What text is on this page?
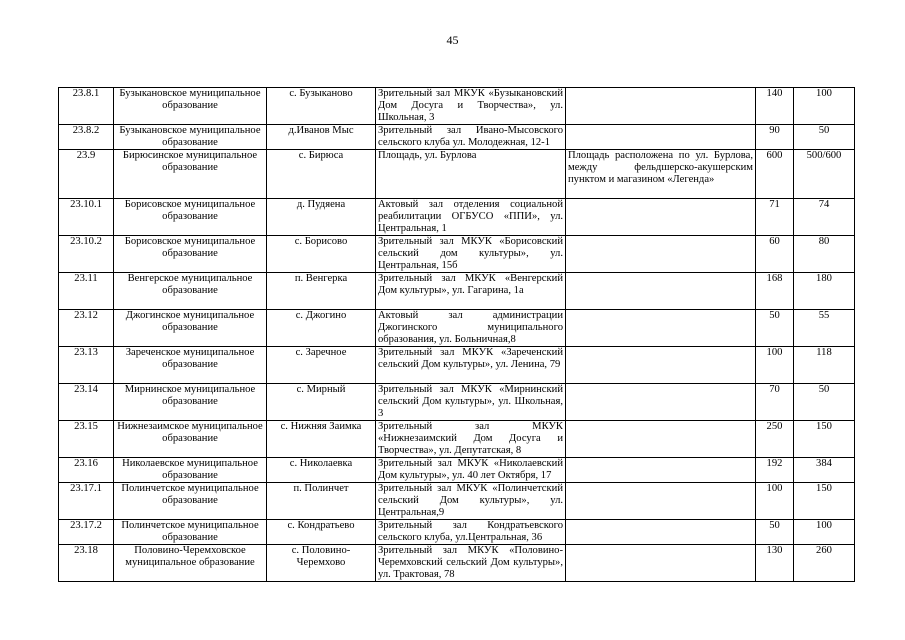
45
23.8.1	Бузыкановское муниципальное образование	с. Бузыканово	Зрительный зал МКУК «Бузыкановский Дом Досуга и Творчества», ул. Школьная, 3		140	100
23.8.2	Бузыкановское муниципальное образование	д.Иванов Мыс	Зрительный зал Ивано-Мысовского сельского клуба ул. Молодежная, 12-1		90	50
23.9	Бирюсинское муниципальное образование	с. Бирюса	Площадь, ул. Бурлова	Площадь расположена по ул. Бурлова, между фельдшерско-акушерским пунктом и магазином «Легенда»	600	500/600
23.10.1	Борисовское муниципальное образование	д. Пудяена	Актовый зал отделения социальной реабилитации ОГБУСО «ППИ», ул. Центральная, 1		71	74
23.10.2	Борисовское муниципальное образование	с. Борисово	Зрительный зал МКУК «Борисовский сельский дом культуры», ул. Центральная, 15б		60	80
23.11	Венгерское муниципальное образование	п. Венгерка	Зрительный зал МКУК «Венгерский Дом культуры», ул. Гагарина, 1а		168	180
23.12	Джогинское муниципальное образование	с. Джогино	Актовый зал администрации Джогинского муниципального образования, ул. Больничная,8		50	55
23.13	Зареченское муниципальное образование	с. Заречное	Зрительный зал МКУК «Зареченский сельский Дом культуры», ул. Ленина, 79		100	118
23.14	Мирнинское муниципальное образование	с. Мирный	Зрительный зал МКУК «Мирнинский сельский Дом культуры», ул. Школьная, 3		70	50
23.15	Нижнезаимское муниципальное образование	с. Нижняя Заимка	Зрительный зал МКУК «Нижнезаимский Дом Досуга и Творчества», ул. Депутатская, 8		250	150
23.16	Николаевское муниципальное образование	с. Николаевка	Зрительный зал МКУК «Николаевский Дом культуры», ул. 40 лет Октября, 17		192	384
23.17.1	Полинчетское муниципальное образование	п. Полинчет	Зрительный зал МКУК «Полинчетский сельский Дом культуры», ул. Центральная,9		100	150
23.17.2	Полинчетское муниципальное образование	с. Кондратьево	Зрительный зал Кондратьевского сельского клуба, ул.Центральная, 36		50	100
23.18	Половино-Черемховское муниципальное образование	с. Половино-Черемхово	Зрительный зал МКУК «Половино-Черемховский сельский Дом культуры», ул. Трактовая, 78		130	260
